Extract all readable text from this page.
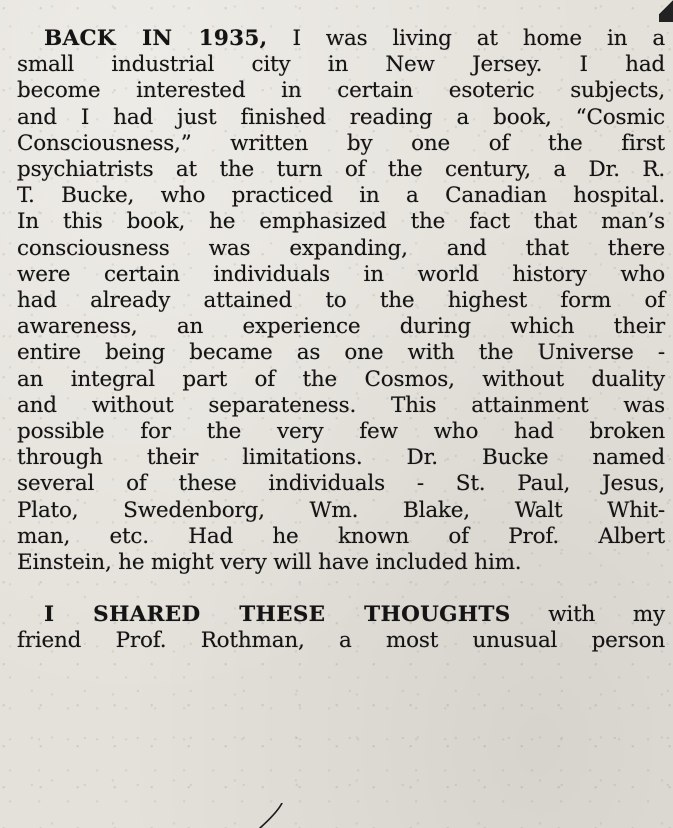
BACK IN 1935, I was living at home in a
small industrial city in New Jersey. I had
become interested in certain esoteric subjects,
and I had just finished reading a book, “Cosmic
Consciousness,” written by one of the first
psychiatrists at the turn of the century, a Dr. R.
T. Bucke, who practiced in a Canadian hospital.
In this book, he emphasized the fact that man’s
consciousness was expanding, and that there
were certain individuals in world history who
had already attained to the highest form of
awareness, an experience during which their
entire being became as one with the Universe -
an integral part of the Cosmos, without duality
and without separateness. This attainment was
possible for the very few who had broken
through their limitations. Dr. Bucke named
several of these individuals - St. Paul, Jesus,
Plato, Swedenborg, Wm. Blake, Walt Whit-
man, etc. Had he known of Prof. Albert
Einstein, he might very will have included him.

I SHARED THESE THOUGHTS with my
friend Prof. Rothman, a most unusual person
